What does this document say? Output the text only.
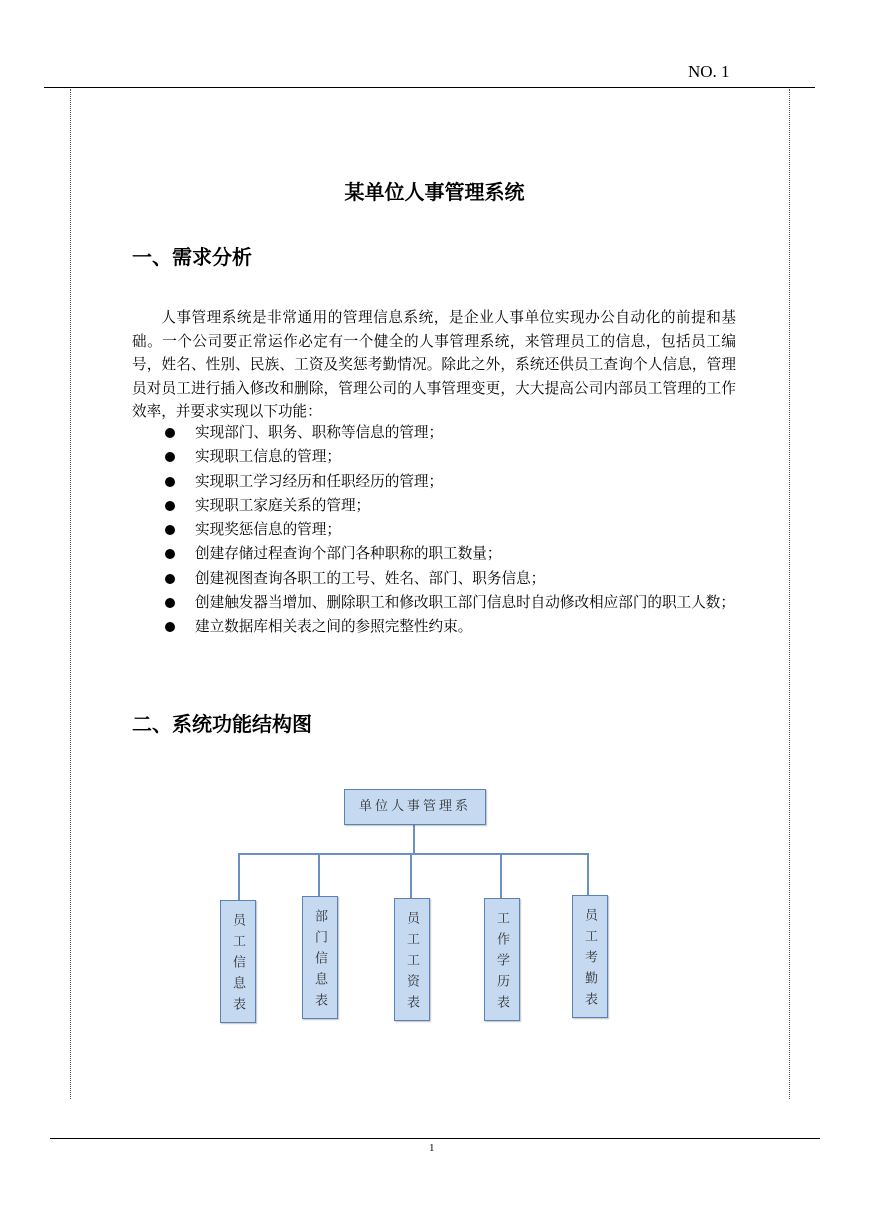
NO. 1
某单位人事管理系统
一、需求分析
人事管理系统是非常通用的管理信息系统，是企业人事单位实现办公自动化的前提和基础。一个公司要正常运作必定有一个健全的人事管理系统，来管理员工的信息，包括员工编号，姓名、性别、民族、工资及奖惩考勤情况。除此之外，系统还供员工查询个人信息，管理员对员工进行插入修改和删除，管理公司的人事管理变更，大大提高公司内部员工管理的工作效率，并要求实现以下功能：
实现部门、职务、职称等信息的管理；
实现职工信息的管理；
实现职工学习经历和任职经历的管理；
实现职工家庭关系的管理；
实现奖惩信息的管理；
创建存储过程查询个部门各种职称的职工数量；
创建视图查询各职工的工号、姓名、部门、职务信息；
创建触发器当增加、删除职工和修改职工部门信息时自动修改相应部门的职工人数；
建立数据库相关表之间的参照完整性约束。
二、系统功能结构图
单位人事管理系
员工信息表	部门信息表	员工工资表	工作学历表	员工考勤表
1
